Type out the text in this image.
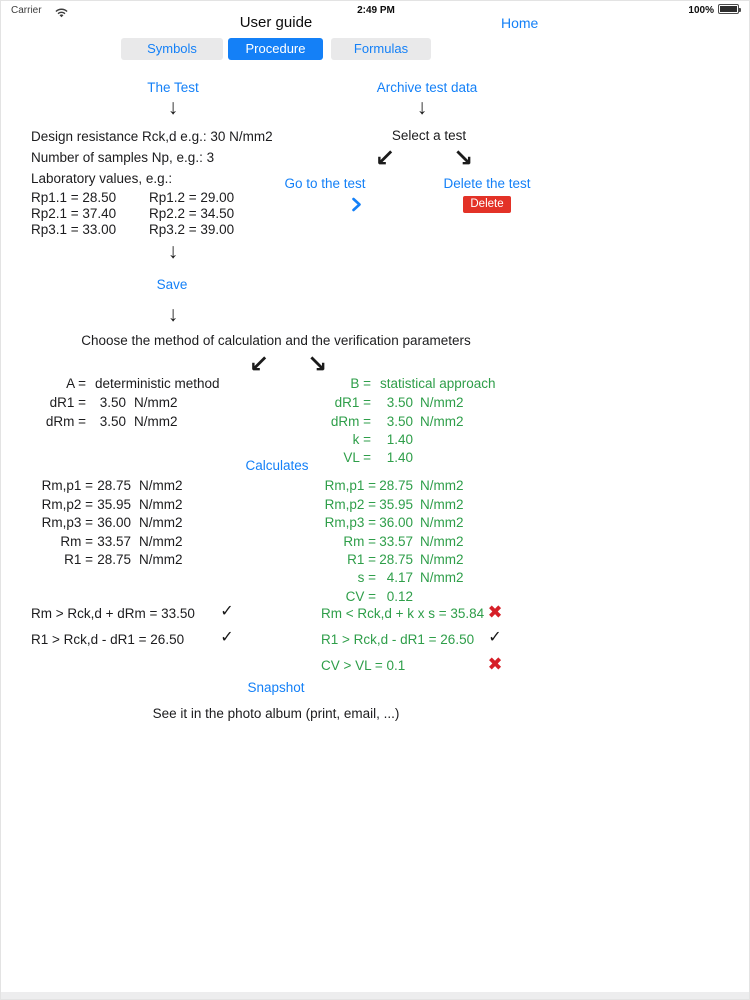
Carrier	2:49 PM	100%
User guide	Home
Symbols	Procedure	Formulas
The Test	Archive test data
↓	↓
Design resistance Rck,d e.g.: 30 N/mm2
Number of samples Np, e.g.: 3
Laboratory values, e.g.:
Rp1.1 = 28.50 Rp1.2 = 29.00
Rp2.1 = 37.40 Rp2.2 = 34.50
Rp3.1 = 33.00 Rp3.2 = 39.00
Select a test
↙ ↘
Go to the test	Delete the test
Delete
↓
Save
↓
Choose the method of calculation and the verification parameters
↙ ↘
A = deterministic method
dR1 = 3.50 N/mm2
dRm = 3.50 N/mm2
B = statistical approach
dR1 = 3.50 N/mm2
dRm = 3.50 N/mm2
k = 1.40
VL = 1.40
Calculates
Rm,p1 = 28.75 N/mm2
Rm,p2 = 35.95 N/mm2
Rm,p3 = 36.00 N/mm2
Rm = 33.57 N/mm2
R1 = 28.75 N/mm2
Rm,p1 = 28.75 N/mm2
Rm,p2 = 35.95 N/mm2
Rm,p3 = 36.00 N/mm2
Rm = 33.57 N/mm2
R1 = 28.75 N/mm2
s = 4.17 N/mm2
CV = 0.12
Rm > Rck,d + dRm = 33.50	✓
R1 > Rck,d - dR1 = 26.50	✓
Rm < Rck,d + k x s = 35.84 ✖
R1 > Rck,d - dR1 = 26.50 ✓
CV > VL = 0.1	✖
Snapshot
See it in the photo album (print, email, ...)
